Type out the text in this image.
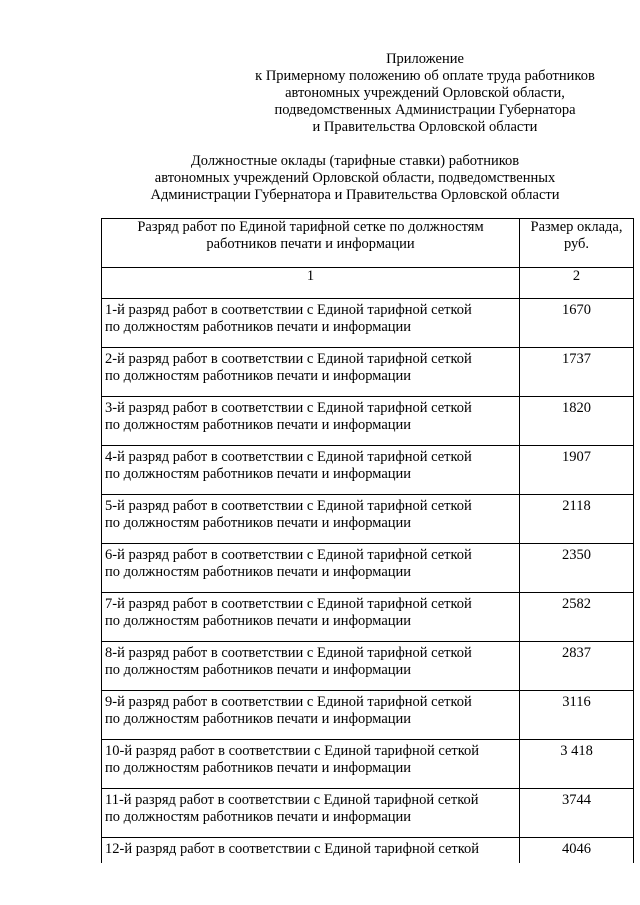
Приложение
к Примерному положению об оплате труда работников
автономных учреждений Орловской области,
подведомственных Администрации Губернатора
и Правительства Орловской области
Должностные оклады (тарифные ставки) работников
автономных учреждений Орловской области, подведомственных
Администрации Губернатора и Правительства Орловской области
Разряд работ по Единой тарифной сетке по должностям работников печати и информации	Размер оклада, руб.
1	2

1-й разряд работ в соответствии с Единой тарифной сеткой
по должностям работников печати и информации	1670

2-й разряд работ в соответствии с Единой тарифной сеткой
по должностям работников печати и информации	1737

3-й разряд работ в соответствии с Единой тарифной сеткой
по должностям работников печати и информации	1820

4-й разряд работ в соответствии с Единой тарифной сеткой
по должностям работников печати и информации	1907

5-й разряд работ в соответствии с Единой тарифной сеткой
по должностям работников печати и информации	2118

6-й разряд работ в соответствии с Единой тарифной сеткой
по должностям работников печати и информации	2350

7-й разряд работ в соответствии с Единой тарифной сеткой
по должностям работников печати и информации	2582

8-й разряд работ в соответствии с Единой тарифной сеткой
по должностям работников печати и информации	2837

9-й разряд работ в соответствии с Единой тарифной сеткой
по должностям работников печати и информации	3116

10-й разряд работ в соответствии с Единой тарифной сеткой
по должностям работников печати и информации	3 418

11-й разряд работ в соответствии с Единой тарифной сеткой
по должностям работников печати и информации	3744

12-й разряд работ в соответствии с Единой тарифной сеткой	4046
